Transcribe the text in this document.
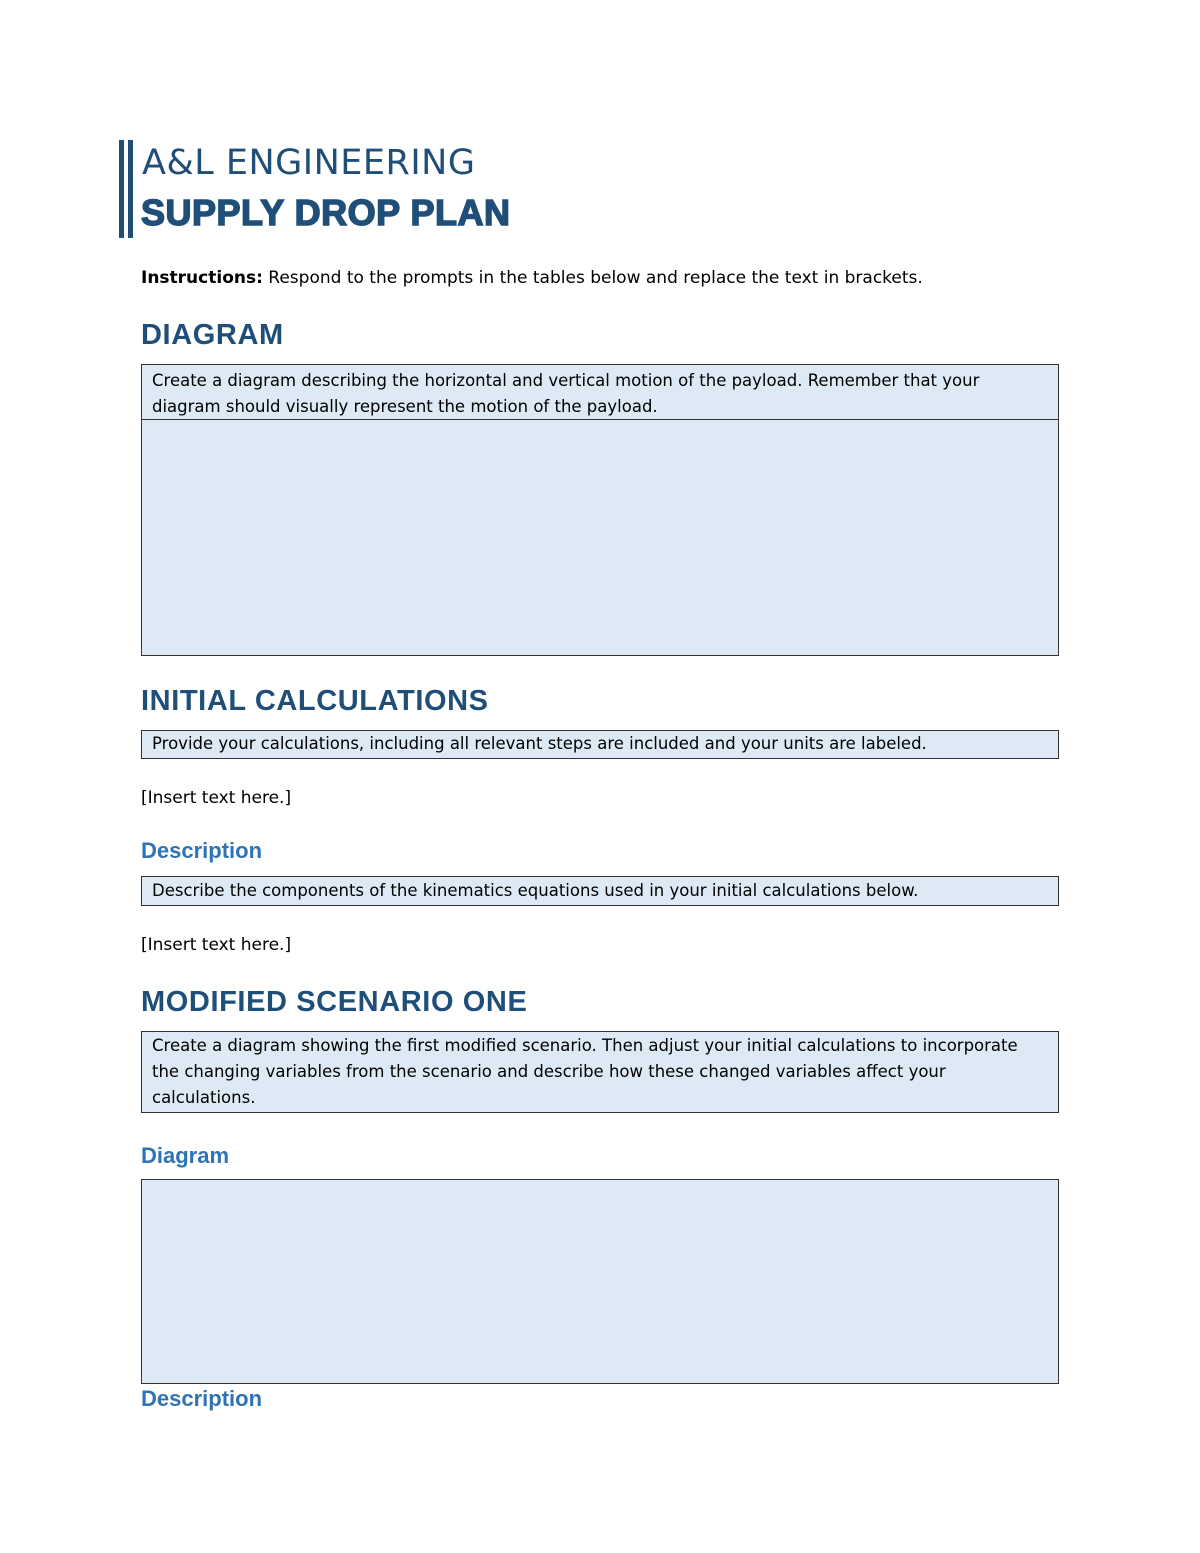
A&L ENGINEERING
SUPPLY DROP PLAN
Instructions: Respond to the prompts in the tables below and replace the text in brackets.
DIAGRAM
Create a diagram describing the horizontal and vertical motion of the payload. Remember that your diagram should visually represent the motion of the payload.
INITIAL CALCULATIONS
Provide your calculations, including all relevant steps are included and your units are labeled.
[Insert text here.]
Description
Describe the components of the kinematics equations used in your initial calculations below.
[Insert text here.]
MODIFIED SCENARIO ONE
Create a diagram showing the first modified scenario. Then adjust your initial calculations to incorporate the changing variables from the scenario and describe how these changed variables affect your calculations.
Diagram
Description
